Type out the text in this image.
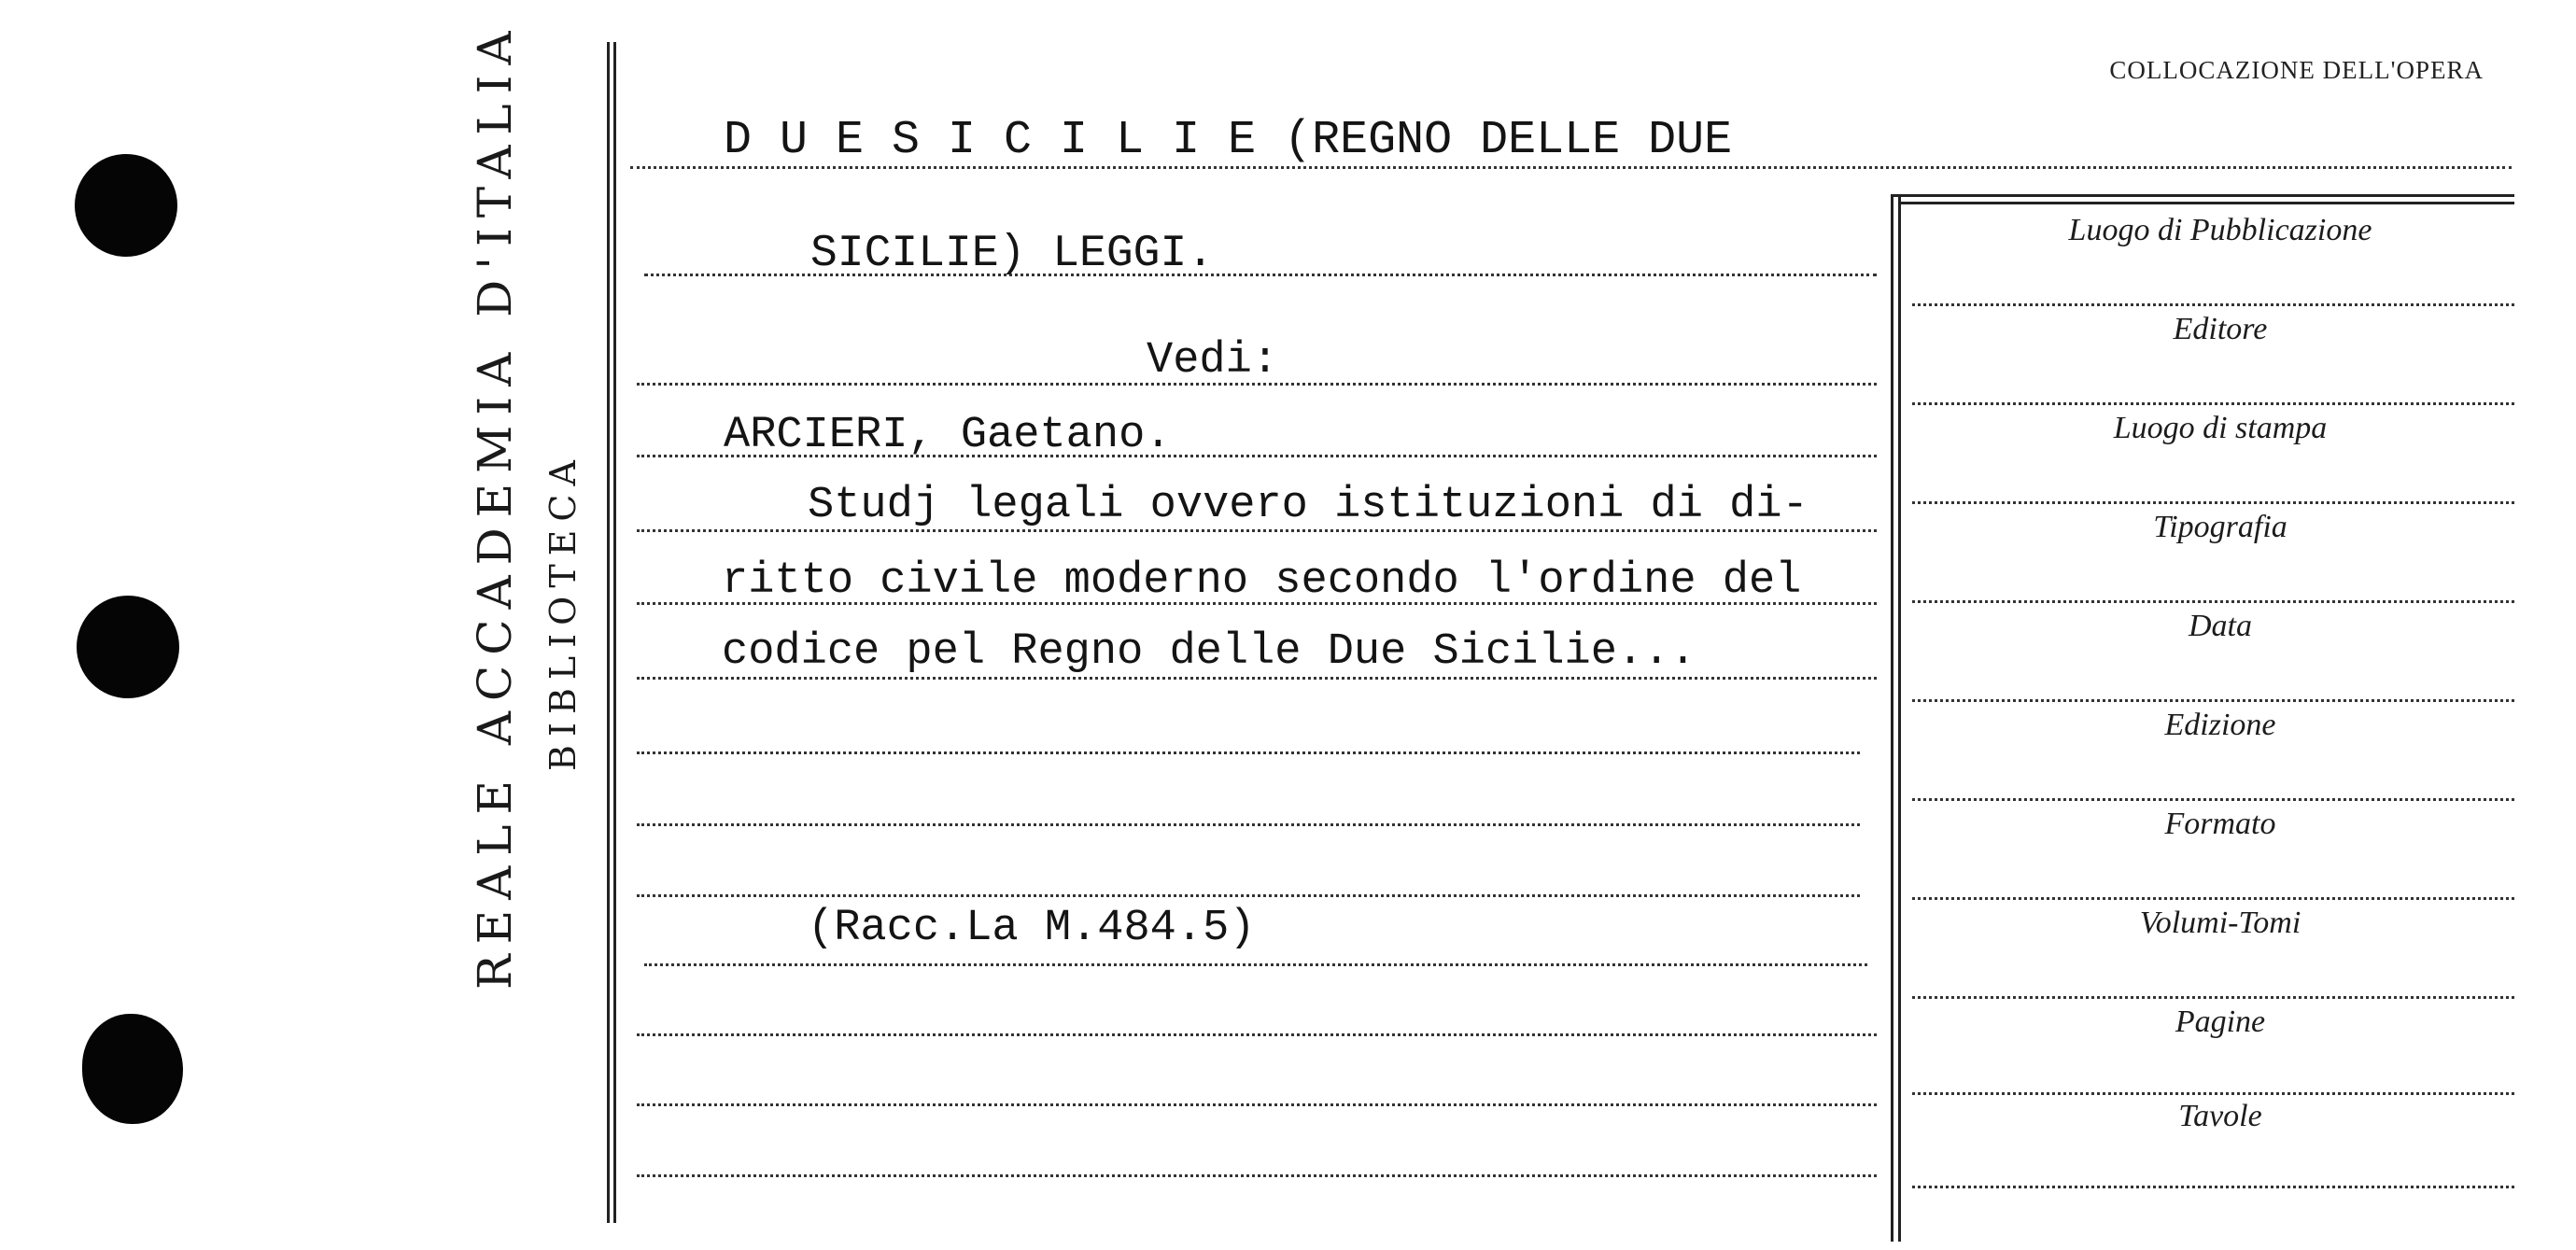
REALE ACCADEMIA D'ITALIA BIBLIOTECA
COLLOCAZIONE DELL'OPERA
D U E S I C I L I E (REGNO DELLE DUE
SICILIE) LEGGI.
Vedi:
ARCIERI, Gaetano.
Studj legali ovvero istituzioni di di-
ritto civile moderno secondo l'ordine del
codice pel Regno delle Due Sicilie...
(Racc.La M.484.5)
Luogo di Pubblicazione
Editore
Luogo di stampa
Tipografia
Data
Edizione
Formato
Volumi-Tomi
Pagine
Tavole
